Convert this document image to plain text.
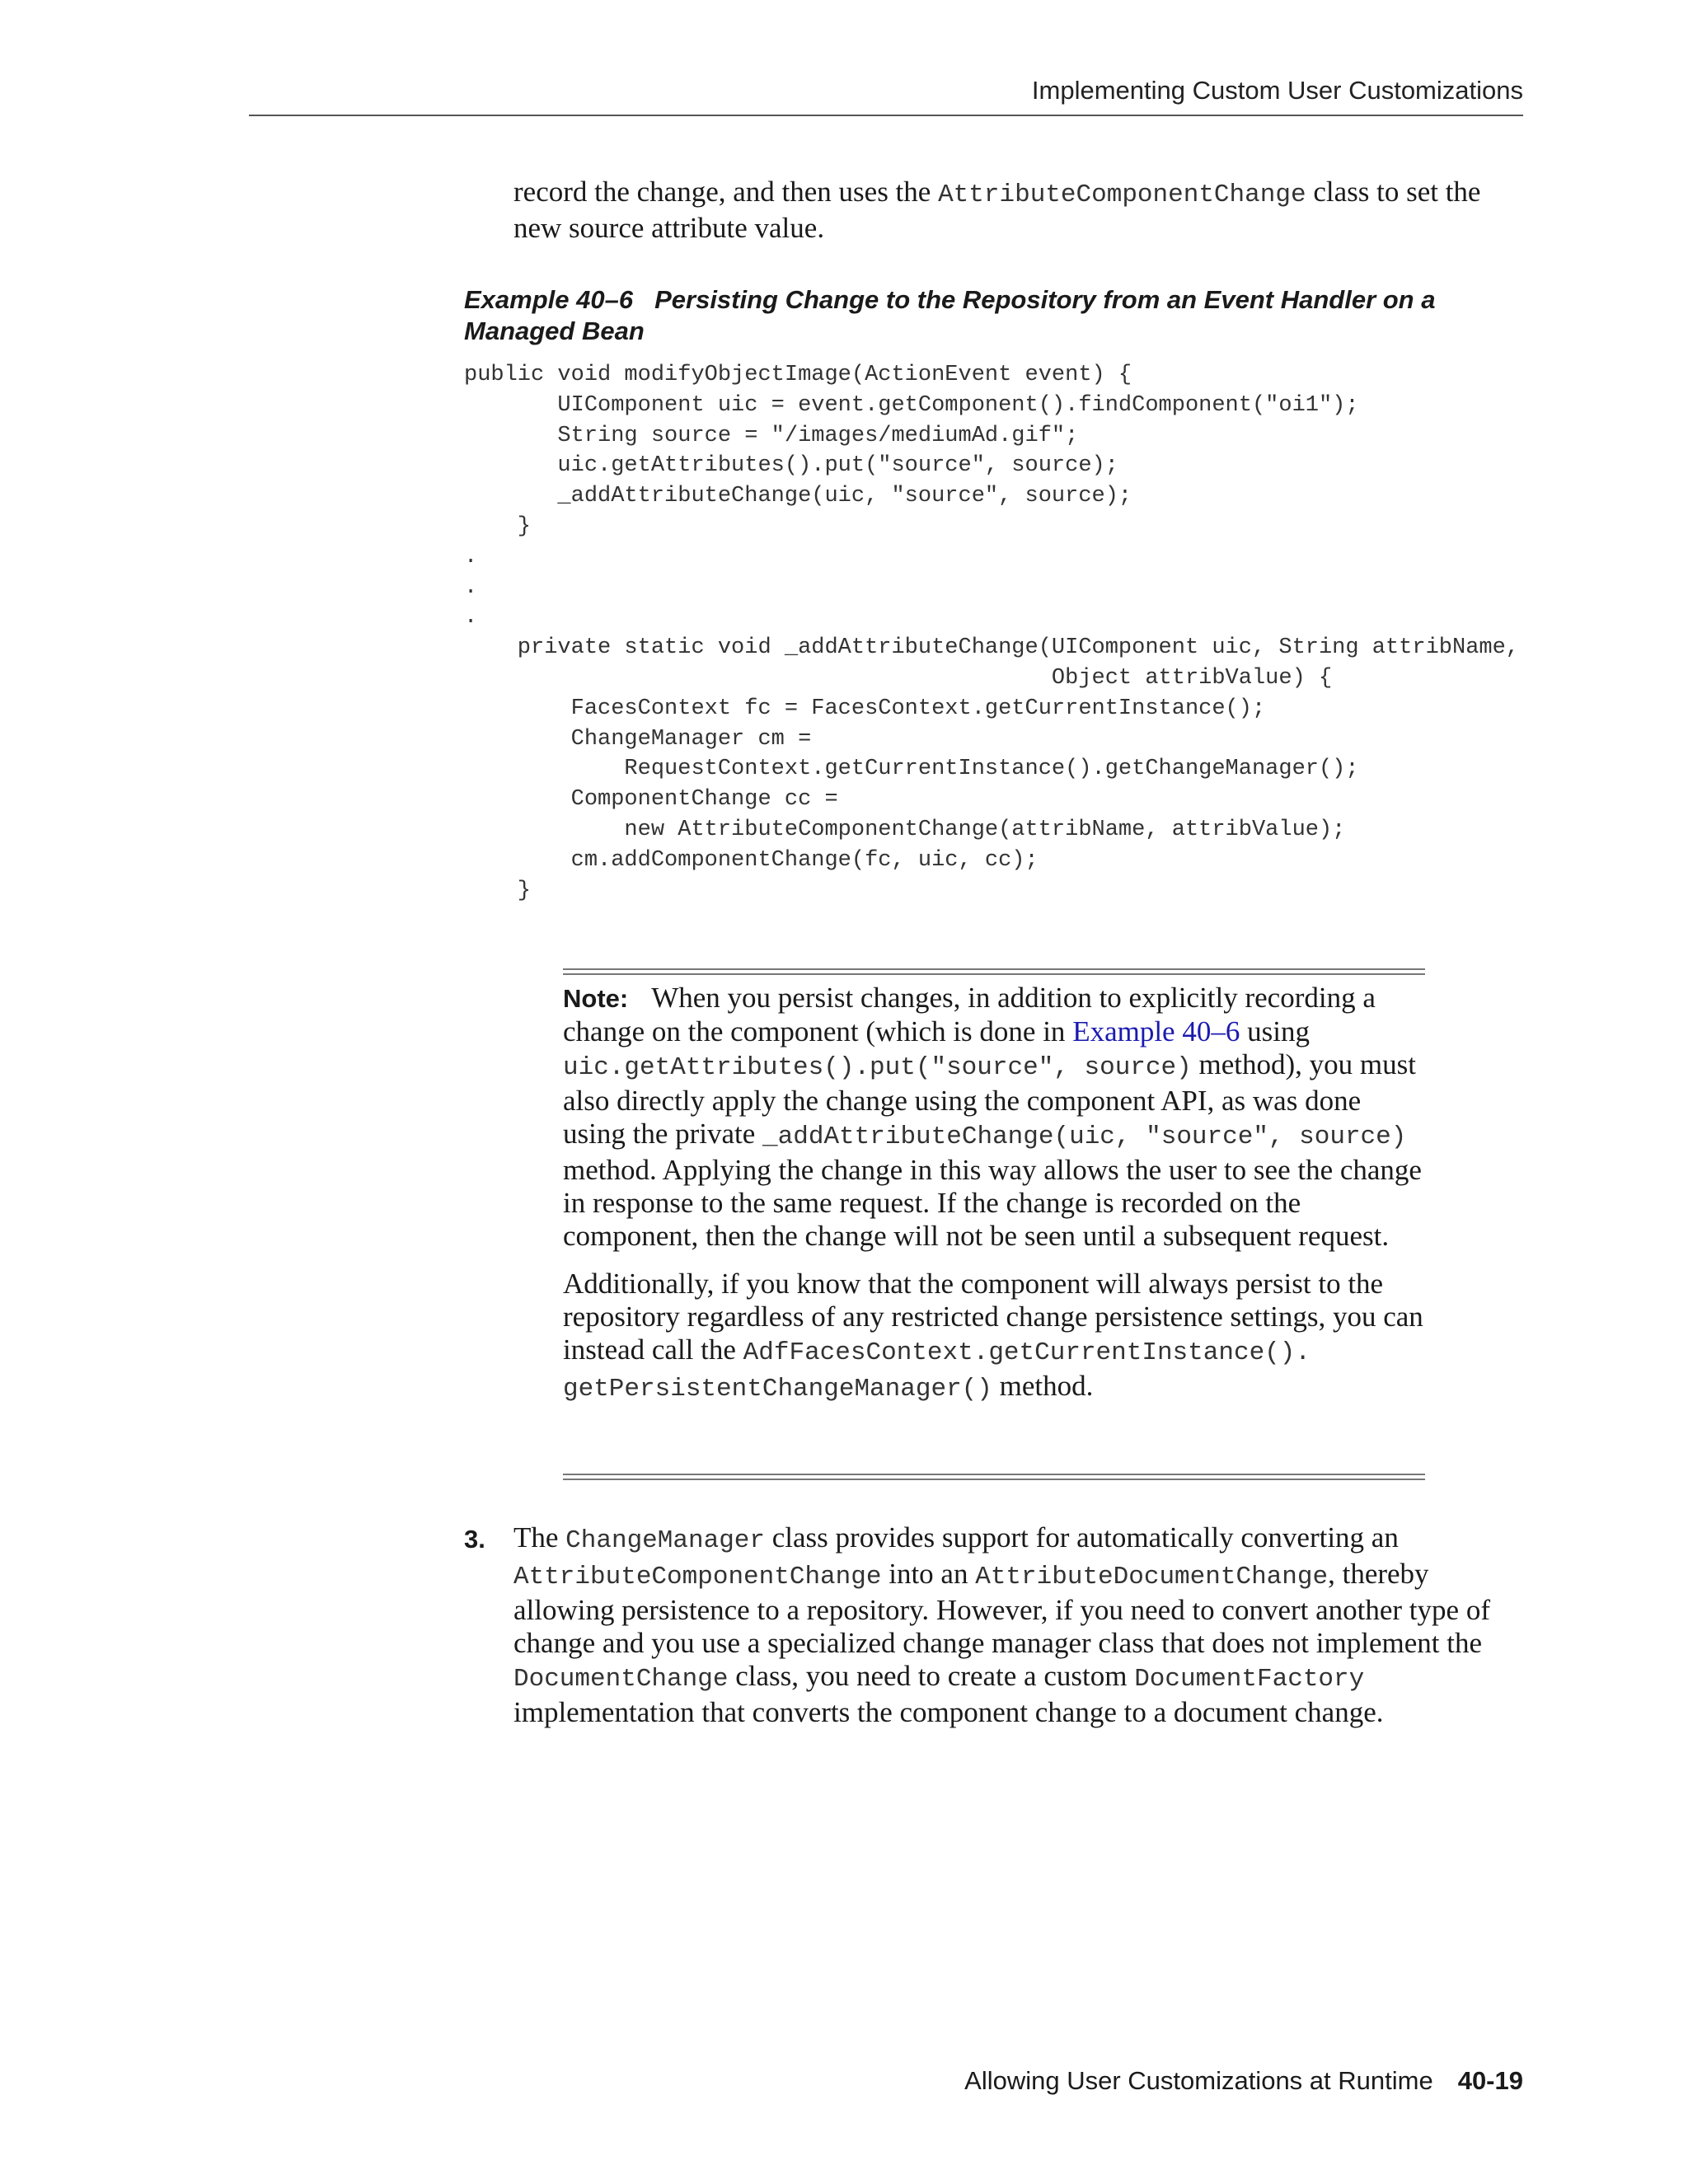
Implementing Custom User Customizations

record the change, and then uses the AttributeComponentChange class to set the new source attribute value.

Example 40–6 Persisting Change to the Repository from an Event Handler on a Managed Bean

public void modifyObjectImage(ActionEvent event) {
UIComponent uic = event.getComponent().findComponent("oi1");
String source = "/images/mediumAd.gif";
uic.getAttributes().put("source", source);
_addAttributeChange(uic, "source", source);
}
.
.
.
private static void _addAttributeChange(UIComponent uic, String attribName,
Object attribValue) {
FacesContext fc = FacesContext.getCurrentInstance();
ChangeManager cm =
RequestContext.getCurrentInstance().getChangeManager();
ComponentChange cc =
new AttributeComponentChange(attribName, attribValue);
cm.addComponentChange(fc, uic, cc);
}

Note: When you persist changes, in addition to explicitly recording a change on the component (which is done in Example 40–6 using uic.getAttributes().put("source", source) method), you must also directly apply the change using the component API, as was done using the private _addAttributeChange(uic, "source", source) method. Applying the change in this way allows the user to see the change in response to the same request. If the change is recorded on the component, then the change will not be seen until a subsequent request.

Additionally, if you know that the component will always persist to the repository regardless of any restricted change persistence settings, you can instead call the AdfFacesContext.getCurrentInstance().
getPersistentChangeManager() method.

3. The ChangeManager class provides support for automatically converting an AttributeComponentChange into an AttributeDocumentChange, thereby allowing persistence to a repository. However, if you need to convert another type of change and you use a specialized change manager class that does not implement the DocumentChange class, you need to create a custom DocumentFactory implementation that converts the component change to a document change.

Allowing User Customizations at Runtime 40-19
